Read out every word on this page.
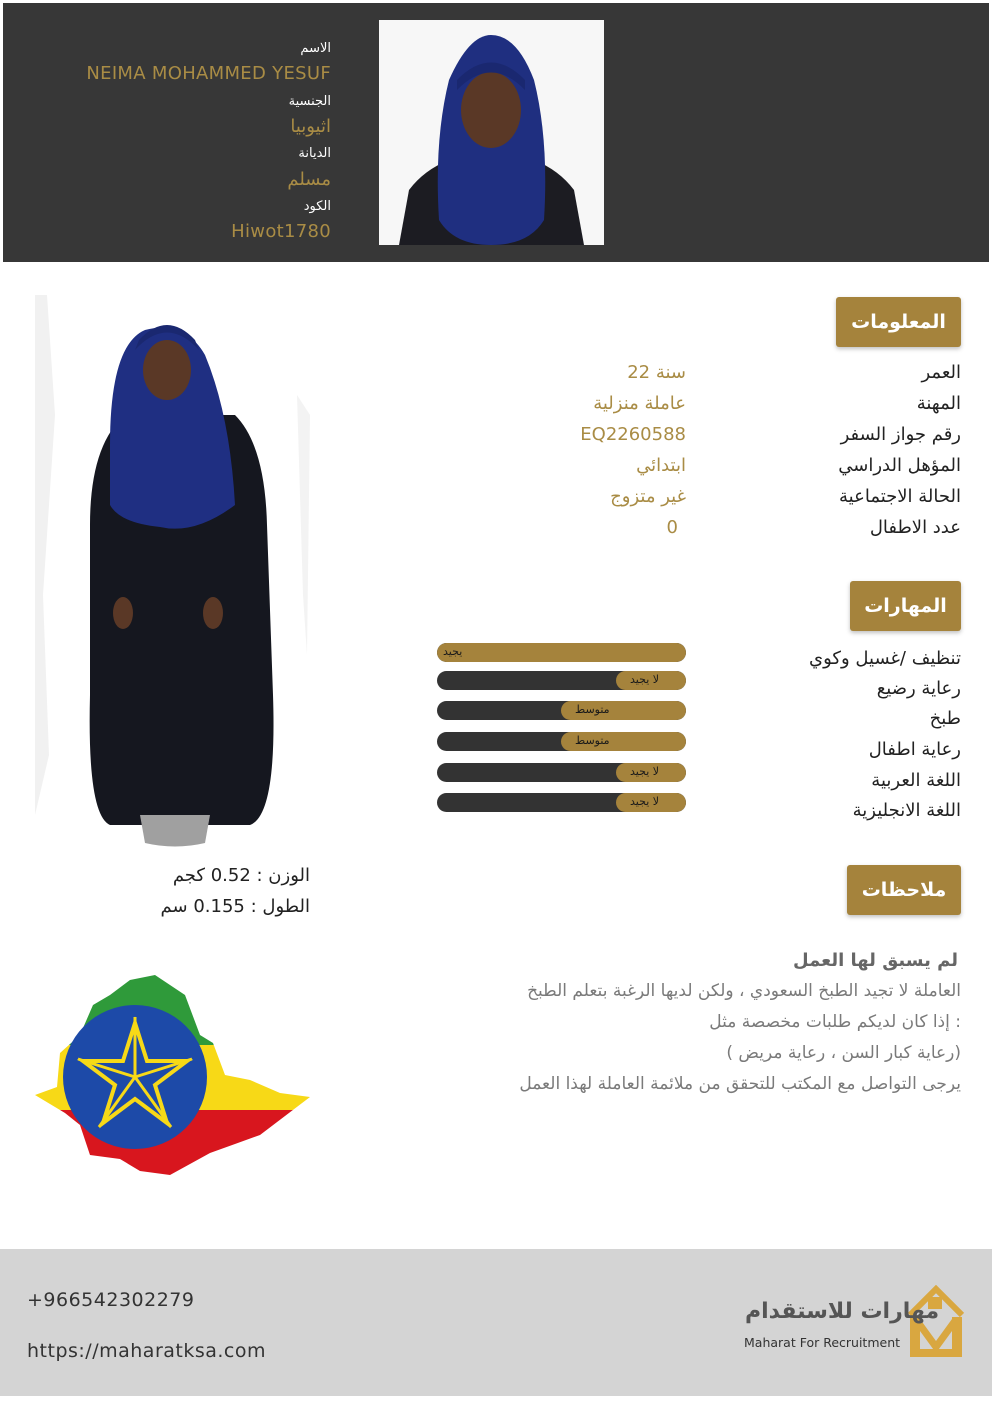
الاسم
NEIMA MOHAMMED YESUF
الجنسية
اثيوبيا
الديانة
مسلم
الكود
Hiwot1780
الوزن : 0.52 كجم
الطول : 0.155 سم
المعلومات
العمر
22 سنة
المهنة
عاملة منزلية
رقم جواز السفر
EQ2260588
المؤهل الدراسي
ابتدائي
الحالة الاجتماعية
غير متزوج
عدد الاطفال
0
المهارات
تنظيف /غسيل وكوي
رعاية رضيع
طبخ
رعاية اطفال
اللغة العربية
اللغة الانجليزية
يجيد
لا يجيد
متوسط
متوسط
لا يجيد
لا يجيد
ملاحظات
لم يسبق لها العمل
العاملة لا تجيد الطبخ السعودي ، ولكن لديها الرغبة بتعلم الطبخ
إذا كان لديكم طلبات مخصصة مثل :
( رعاية كبار السن ، رعاية مريض)
يرجى التواصل مع المكتب للتحقق من ملائمة العاملة لهذا العمل
+966542302279
https://maharatksa.com
مهارات للاستقدام
Maharat For Recruitment
